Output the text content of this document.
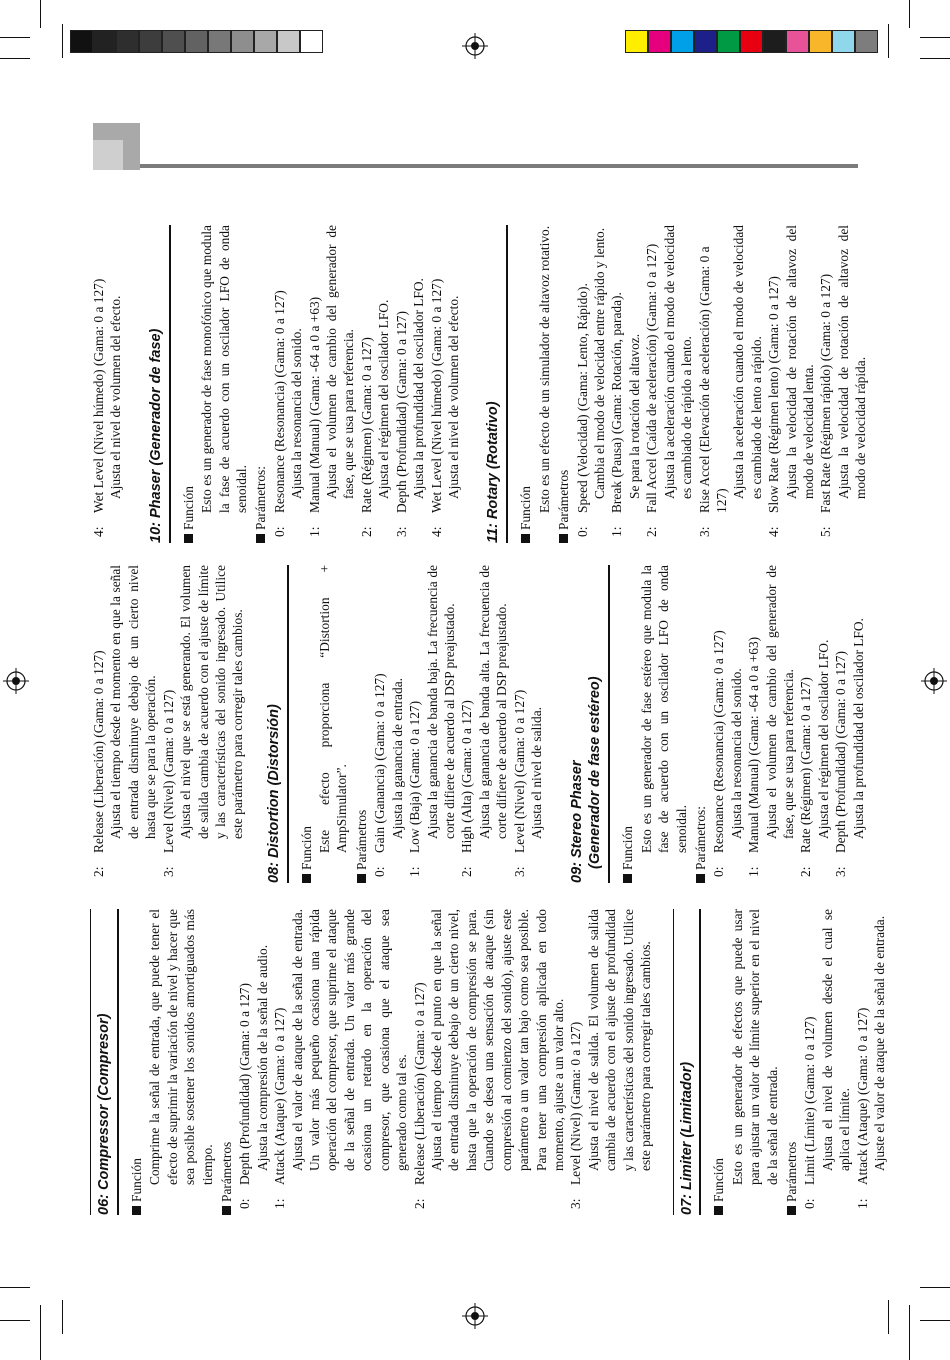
06: Compressor (Compresor)	Función Comprime la señal de entrada, que puede tener el efecto de suprimir la variación de nivel y hacer que sea posible sostener los sonidos amortiguados más tiempo. Parámetros
0:
Depth (Profundidad) (Gama: 0 a 127) Ajusta la compresión de la señal de audio.
1:
Attack (Ataque) (Gama: 0 a 127) Ajusta el valor de ataque de la señal de entrada. Un valor más pequeño ocasiona una rápida operación del compresor, que suprime el ataque de la señal de entrada. Un valor más grande ocasiona un retardo en la operación del compresor, que ocasiona que el ataque sea generado como tal es.
2:
Release (Liberación) (Gama: 0 a 127) Ajusta el tiempo desde el punto en que la señal de entrada disminuye debajo de un cierto nivel, hasta que la operación de compresión se para. Cuando se desea una sensación de ataque (sin compresión al comienzo del sonido), ajuste este parámetro a un valor tan bajo como sea posible. Para tener una compresión aplicada en todo momento, ajuste a un valor alto.
3:
Level (Nivel) (Gama: 0 a 127) Ajusta el nivel de salida. El volumen de salida cambia de acuerdo con el ajuste de profundidad y las características del sonido ingresado. Utilice este parámetro para corregir tales cambios.	07: Limiter (Limitador)	Función Esto es un generador de efectos que puede usar para ajustar un valor de límite superior en el nivel de la señal de entrada. Parámetros
0:
Limit (Límite) (Gama: 0 a 127) Ajusta el nivel de volumen desde el cual se aplica el límite.
1:
Attack (Ataque) (Gama: 0 a 127) Ajuste el valor de ataque de la señal de entrada.
2:
Release (Liberación) (Gama: 0 a 127) Ajusta el tiempo desde el momento en que la señal de entrada disminuye debajo de un cierto nivel hasta que se para la operación.
3:
Level (Nivel) (Gama: 0 a 127) Ajusta el nivel que se está generando. El volumen de salida cambia de acuerdo con el ajuste de límite y las características del sonido ingresado. Utilice este parámetro para corregir tales cambios. 08: Distortion (Distorsión)	Función Este efecto proporciona “Distortion + AmpSimulator”. Parámetros
0:
Gain (Ganancia) (Gama: 0 a 127) Ajusta la ganancia de entrada.
1:
Low (Baja) (Gama: 0 a 127) Ajusta la ganancia de banda baja. La frecuencia de corte difiere de acuerdo al DSP preajustado.
2:
High (Alta) (Gama: 0 a 127) Ajusta la ganancia de banda alta. La frecuencia de corte difiere de acuerdo al DSP preajustado.
3:
Level (Nivel) (Gama: 0 a 127) Ajusta el nivel de salida. 09: Stereo Phaser (Generador de fase estéreo) Función Esto es un generador de fase estéreo que modula la fase de acuerdo con un oscilador LFO de onda senoidal. Parámetros:
0:
Resonance (Resonancia) (Gama: 0 a 127) Ajusta la resonancia del sonido.
1:
Manual (Manual) (Gama: -64 a 0 a +63) Ajusta el volumen de cambio del generador de fase, que se usa para referencia.
2:
Rate (Régimen) (Gama: 0 a 127) Ajusta el régimen del oscilador LFO.
3:
Depth (Profundidad) (Gama: 0 a 127) Ajusta la profundidad del oscilador LFO.
4:
Wet Level (Nivel húmedo) (Gama: 0 a 127) Ajusta el nivel de volumen del efecto. 10: Phaser (Generador de fase)	Función Esto es un generador de fase monofónico que modula la fase de acuerdo con un oscilador LFO de onda senoidal. Parámetros:
0:
Resonance (Resonancia) (Gama: 0 a 127) Ajusta la resonancia del sonido.
1:
Manual (Manual) (Gama: -64 a 0 a +63) Ajusta el volumen de cambio del generador de fase, que se usa para referencia.
2:
Rate (Régimen) (Gama: 0 a 127) Ajusta el régimen del oscilador LFO.
3:
Depth (Profundidad) (Gama: 0 a 127) Ajusta la profundidad del oscilador LFO.
4:
Wet Level (Nivel húmedo) (Gama: 0 a 127) Ajusta el nivel de volumen del efecto. 11: Rotary (Rotativo)	Función Esto es un efecto de un simulador de altavoz rotativo. Parámetros
0:
Speed (Velocidad) (Gama: Lento, Rápido). Cambia el modo de velocidad entre rápido y lento.
1:
Break (Pausa) (Gama: Rotación, parada). Se para la rotación del altavoz.
2:
Fall Accel (Caída de aceleración) (Gama: 0 a 127) Ajusta la aceleración cuando el modo de velocidad es cambiado de rápido a lento.
3:
Rise Accel (Elevación de aceleración) (Gama: 0 a 127)
Ajusta la aceleración cuando el modo de velocidad es cambiado de lento a rápido.
4:
Slow Rate (Régimen lento) (Gama: 0 a 127) Ajusta la velocidad de rotación de altavoz del modo de velocidad lenta.
5:
Fast Rate (Régimen rápido) (Gama: 0 a 127) Ajusta la velocidad de rotación de altavoz del modo de velocidad rápida.
